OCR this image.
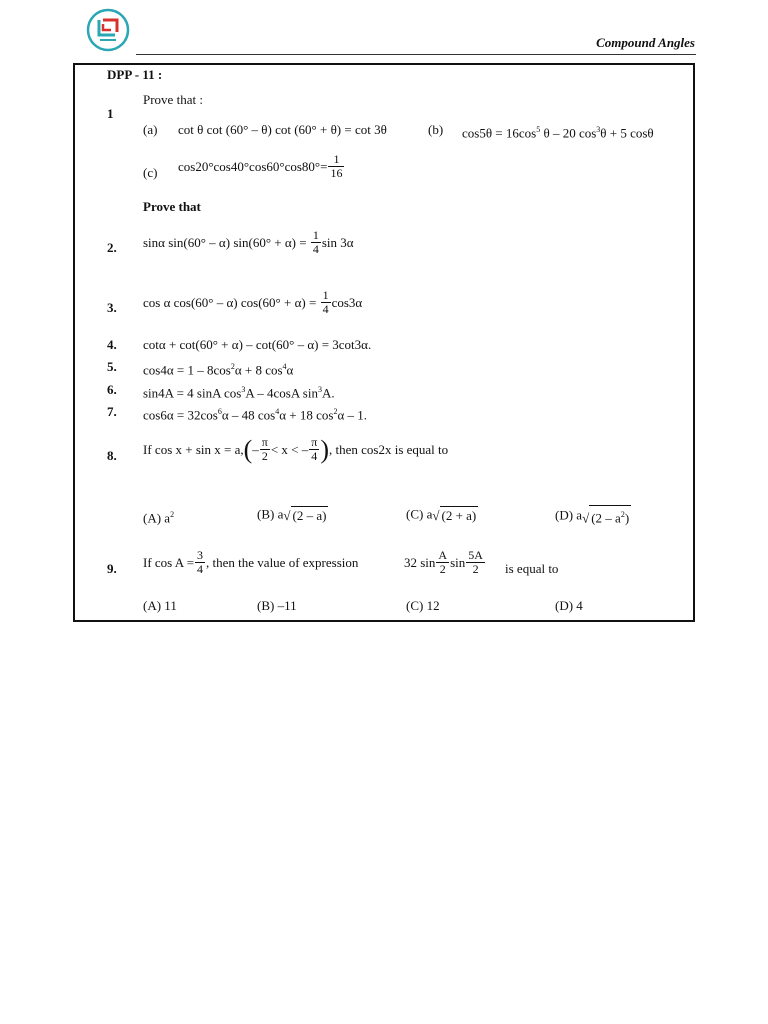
Compound Angles
DPP - 11 :
Prove that :
1
(a) cot θ cot (60° – θ) cot (60° + θ) = cot 3θ	(b) $\cos 5\theta = 16\cos^5$ θ – 20 $\cos^3\theta + 5$ cosθ
(c) $\cos 20^\circ\cos 40^\circ\cos 60^\circ\cos 80^\circ= \frac{1}{16}$
Prove that
2. sinα sin(60° – α) $\sin(60^\circ + \alpha) = \frac{1}{4}$ sin 3α
3. cos α cos(60° – α) $\cos(60^\circ + \alpha) = \frac{1}{4} \cos 3\alpha$
4. cotα + cot(60° + α) – cot(60° – α) = 3cot3α.
5. $\cos 4\alpha = 1 - 8\cos^2\alpha + 8$ $\cos^4\alpha$
6. sin4A = 4 sinA $\cos^3A - 4\cos A$ $\sin^3A$.
7. $\cos 6\alpha = 32\cos^6\alpha - 48$ $\cos^4\alpha + 18$ $\cos^2\alpha - 1$.
8. If $\cos x + \sin x = a,(- \frac{\pi}{2} < x$ < – $\frac{\pi}{4}$ ), then cos2x is equal to
(A) $a^2$	(B) a√ (2 – a)	(C) a√ (2 + a)	(D) a√ $(2 - a^2)$
9. If $\cos A = \frac{3}{4}$ , then the value of expression	32 $\sin \frac{A}{2}$ $\sin \frac{5A}{2}$ is equal to
(A) 11	(B) –11	(C) 12	(D) 4
